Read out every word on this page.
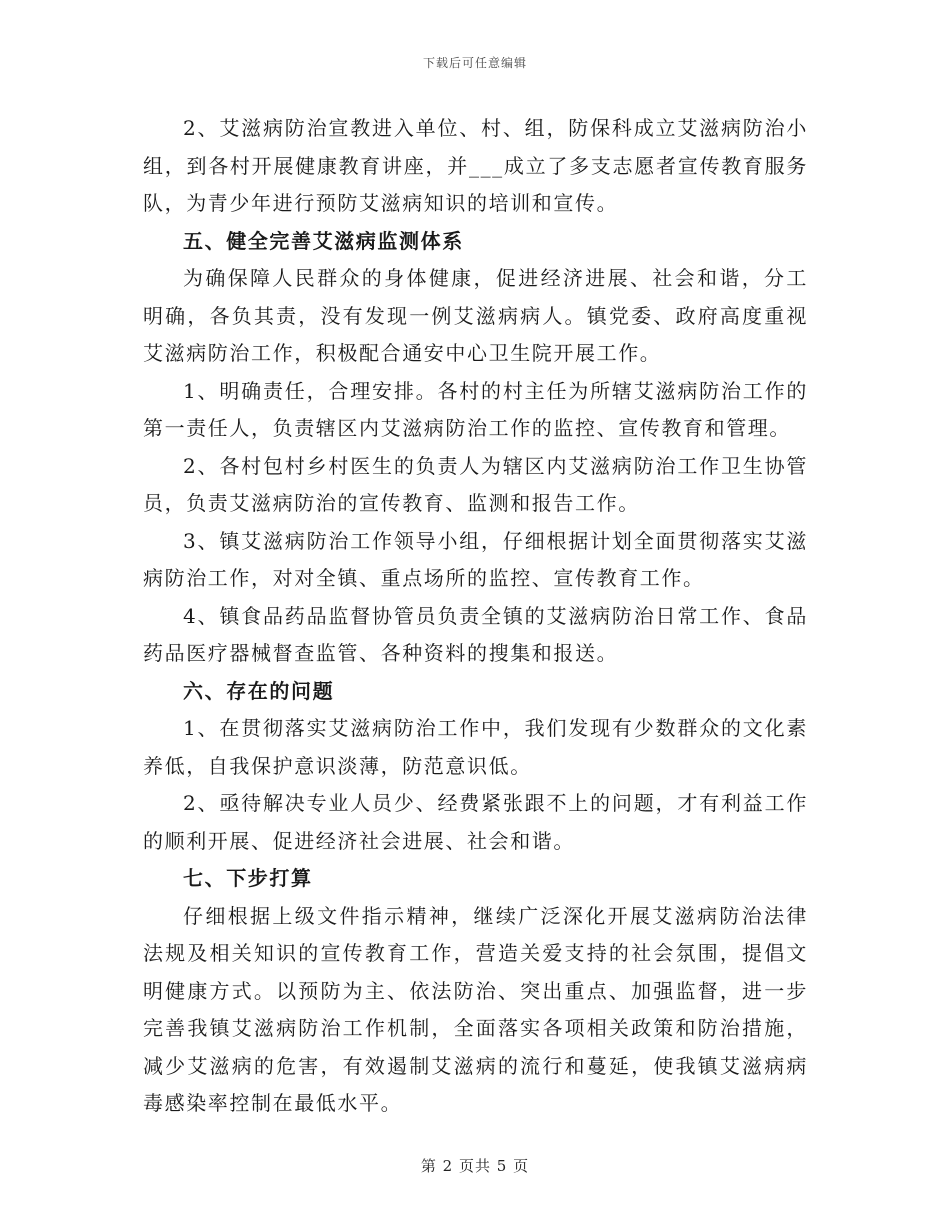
下载后可任意编辑

2、艾滋病防治宣教进入单位、村、组，防保科成立艾滋病防治小组，到各村开展健康教育讲座，并___成立了多支志愿者宣传教育服务队，为青少年进行预防艾滋病知识的培训和宣传。

五、健全完善艾滋病监测体系

为确保障人民群众的身体健康，促进经济进展、社会和谐，分工明确，各负其责，没有发现一例艾滋病病人。镇党委、政府高度重视艾滋病防治工作，积极配合通安中心卫生院开展工作。

1、明确责任，合理安排。各村的村主任为所辖艾滋病防治工作的第一责任人，负责辖区内艾滋病防治工作的监控、宣传教育和管理。

2、各村包村乡村医生的负责人为辖区内艾滋病防治工作卫生协管员，负责艾滋病防治的宣传教育、监测和报告工作。

3、镇艾滋病防治工作领导小组，仔细根据计划全面贯彻落实艾滋病防治工作，对对全镇、重点场所的监控、宣传教育工作。

4、镇食品药品监督协管员负责全镇的艾滋病防治日常工作、食品药品医疗器械督查监管、各种资料的搜集和报送。

六、存在的问题

1、在贯彻落实艾滋病防治工作中，我们发现有少数群众的文化素养低，自我保护意识淡薄，防范意识低。

2、亟待解决专业人员少、经费紧张跟不上的问题，才有利益工作的顺利开展、促进经济社会进展、社会和谐。

七、下步打算

仔细根据上级文件指示精神，继续广泛深化开展艾滋病防治法律法规及相关知识的宣传教育工作，营造关爱支持的社会氛围，提倡文明健康方式。以预防为主、依法防治、突出重点、加强监督，进一步完善我镇艾滋病防治工作机制，全面落实各项相关政策和防治措施，减少艾滋病的危害，有效遏制艾滋病的流行和蔓延，使我镇艾滋病病毒感染率控制在最低水平。

第 2 页共 5 页
